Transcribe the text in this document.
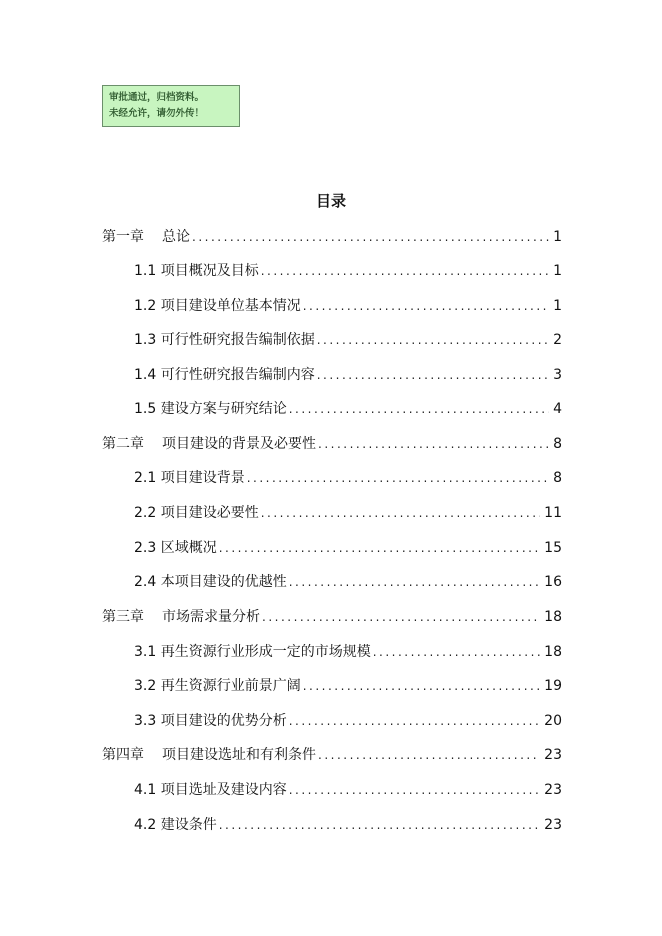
审批通过，归档资料。
未经允许，请勿外传！
目录
第一章 总论 .....	1
1.1 项目概况及目标 .....	1
1.2 项目建设单位基本情况 .....	1
1.3 可行性研究报告编制依据 .....	2
1.4 可行性研究报告编制内容 .....	3
1.5 建设方案与研究结论 .....	4
第二章 项目建设的背景及必要性 .....	8
2.1 项目建设背景 .....	8
2.2 项目建设必要性 .....	11
2.3 区域概况 .....	15
2.4 本项目建设的优越性 .....	16
第三章 市场需求量分析 .....	18
3.1 再生资源行业形成一定的市场规模 .....	18
3.2 再生资源行业前景广阔 .....	19
3.3 项目建设的优势分析 .....	20
第四章 项目建设选址和有利条件 .....	23
4.1 项目选址及建设内容 .....	23
4.2 建设条件 .....	23
